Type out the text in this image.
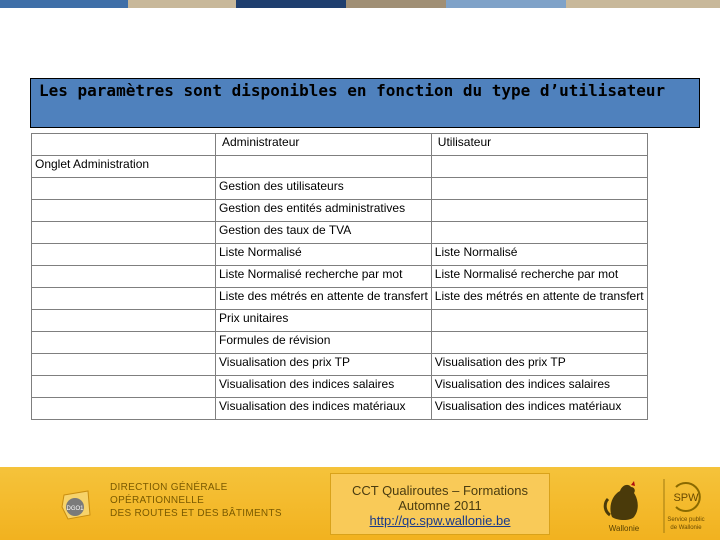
Les paramètres sont disponibles en fonction du type d’utilisateur
	Administrateur	Utilisateur
Onglet Administration		
	Gestion des utilisateurs	
	Gestion des entités administratives	
	Gestion des taux de TVA	
	Liste Normalisé	Liste Normalisé
	Liste Normalisé recherche par mot	Liste Normalisé recherche par mot
	Liste des métrés en attente de transfert	Liste des métrés en attente de transfert
	Prix unitaires	
	Formules de révision	
	Visualisation des prix TP	Visualisation des prix TP
	Visualisation des indices salaires	Visualisation des indices salaires
	Visualisation des indices matériaux	Visualisation des indices matériaux
DGO1
DIRECTION GÉNÉRALE OPÉRATIONNELLE
DES ROUTES ET DES BÂTIMENTS
CCT Qualiroutes – Formations
Automne 2011
http://qc.spw.wallonie.be
Wallonie
SPW
Service public
de Wallonie
